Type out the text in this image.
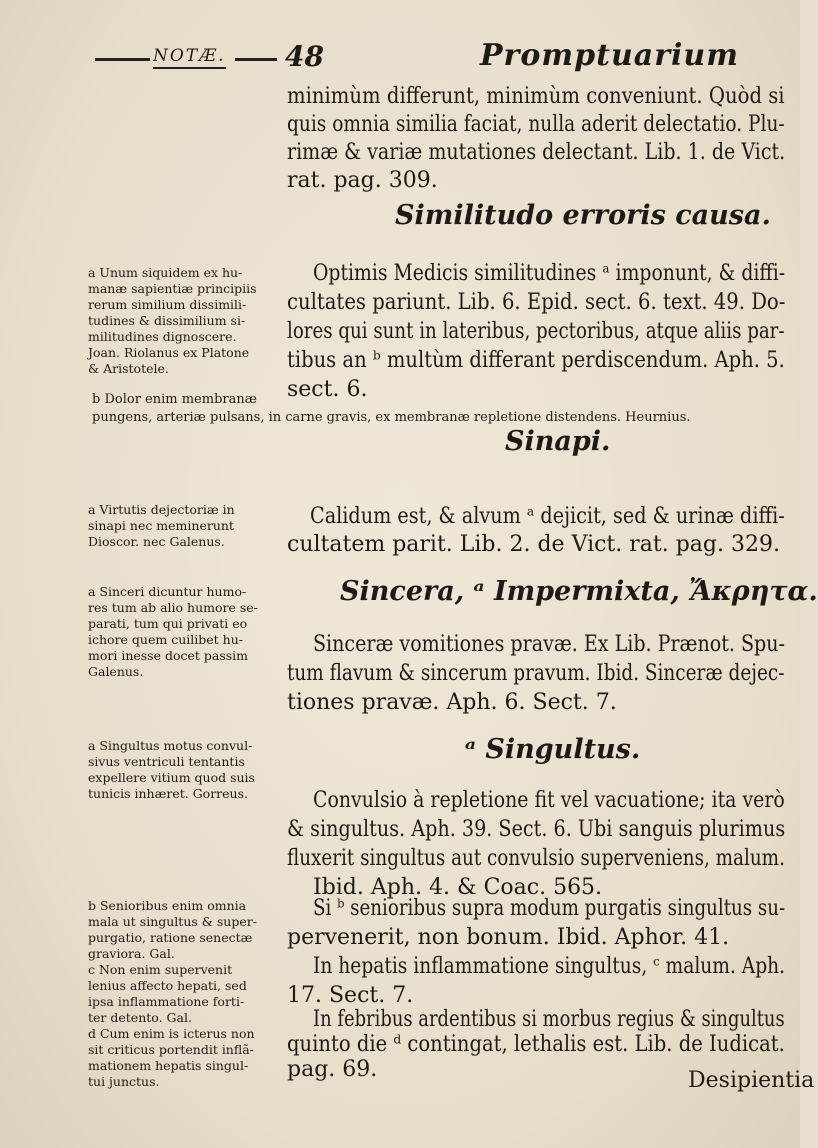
NOTÆ. 48	Promptuarium
minimùm differunt, minimùm conveniunt. Quòd si
quis omnia similia faciat, nulla aderit delectatio. Plu-
rimæ & variæ mutationes delectant. Lib. 1. de Vict.
rat. pag. 309.
Similitudo erroris causa.
a Unum siquidem ex hu-
manæ sapientiæ principiis
rerum similium dissimili-
tudines & dissimilium si-
militudines dignoscere.
Joan. Riolanus ex Platone
& Aristotele.
Optimis Medicis similitudines ᵃ imponunt, & diffi-
cultates pariunt. Lib. 6. Epid. sect. 6. text. 49. Do-
lores qui sunt in lateribus, pectoribus, atque aliis par-
tibus an ᵇ multùm differant perdiscendum. Aph. 5.
sect. 6.
b Dolor enim membranæ
pungens, arteriæ pulsans, in carne gravis, ex membranæ repletione distendens. Heurnius.
Sinapi.
a Virtutis dejectoriæ in
sinapi nec meminerunt
Dioscor. nec Galenus.
Calidum est, & alvum ᵃ dejicit, sed & urinæ diffi-
cultatem parit. Lib. 2. de Vict. rat. pag. 329.
Sincera, ᵃ Impermixta, Ἄκρητα.
a Sinceri dicuntur humo-
res tum ab alio humore se-
parati, tum qui privati eo
ichore quem cuilibet hu-
mori inesse docet passim
Galenus.
Sinceræ vomitiones pravæ. Ex Lib. Prænot. Spu-
tum flavum & sincerum pravum. Ibid. Sinceræ dejec-
tiones pravæ. Aph. 6. Sect. 7.
ᵃ Singultus.
a Singultus motus convul-
sivus ventriculi tentantis
expellere vitium quod suis
tunicis inhæret. Gorreus.	Convulsio à repletione fit vel vacuatione; ita verò
& singultus. Aph. 39. Sect. 6. Ubi sanguis plurimus
fluxerit singultus aut convulsio superveniens, malum.
Ibid. Aph. 4. & Coac. 565.
Si ᵇ senioribus supra modum purgatis singultus su-
pervenerit, non bonum. Ibid. Aphor. 41.
In hepatis inflammatione singultus, ᶜ malum. Aph.
17. Sect. 7.
In febribus ardentibus si morbus regius & singultus
quinto die ᵈ contingat, lethalis est. Lib. de Iudicat.
pag. 69.
b Senioribus enim omnia
mala ut singultus & super-
purgatio, ratione senectæ
graviora. Gal.
c Non enim supervenit
lenius affecto hepati, sed
ipsa inflammatione forti-
ter detento. Gal.
d Cum enim is icterus non
sit criticus portendit inflã-
mationem hepatis singul-
tui junctus.	Desipientia
